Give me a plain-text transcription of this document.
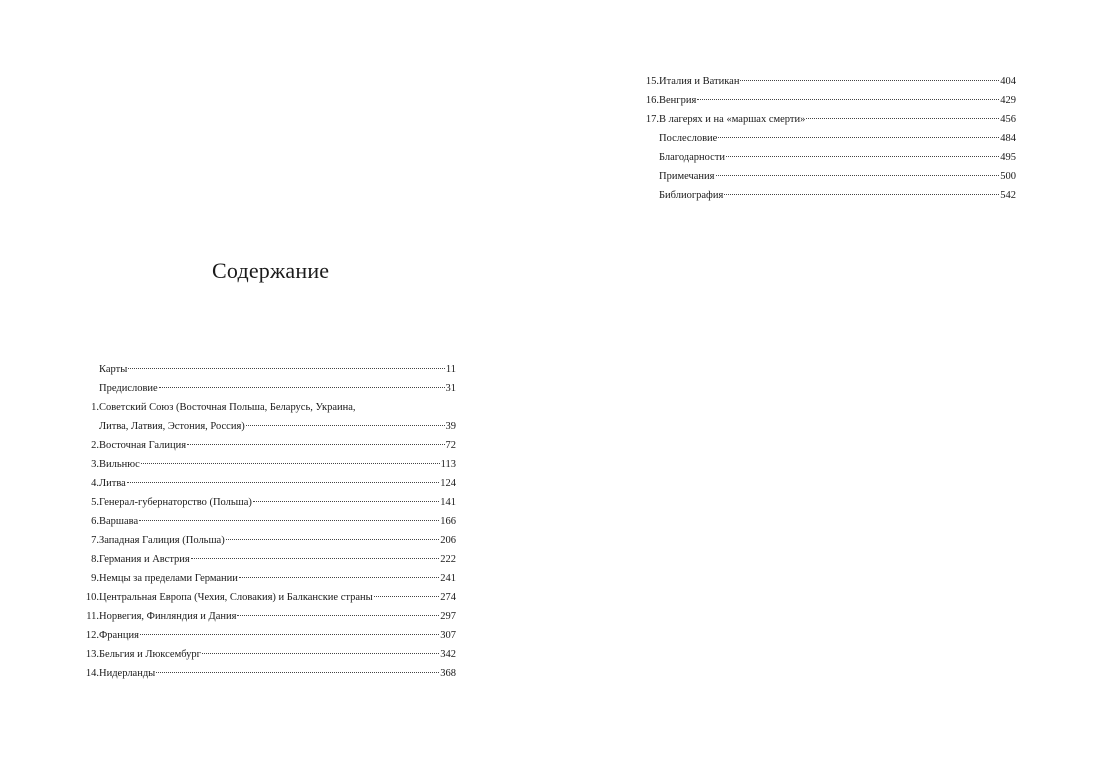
Содержание
Карты	11
Предисловие	31
1. Советский Союз (Восточная Польша, Беларусь, Украина,
Литва, Латвия, Эстония, Россия)	39
2. Восточная Галиция	72
3. Вильнюс	113
4. Литва	124
5. Генерал-губернаторство (Польша)	141
6. Варшава	166
7. Западная Галиция (Польша)	206
8. Германия и Австрия	222
9. Немцы за пределами Германии	241
10. Центральная Европа (Чехия, Словакия) и Балканские страны	274
11. Норвегия, Финляндия и Дания	297
12. Франция	307
13. Бельгия и Люксембург	342
14. Нидерланды	368
15. Италия и Ватикан	404
16. Венгрия	429
17. В лагерях и на «маршах смерти»	456
Послесловие	484
Благодарности	495
Примечания	500
Библиография	542
